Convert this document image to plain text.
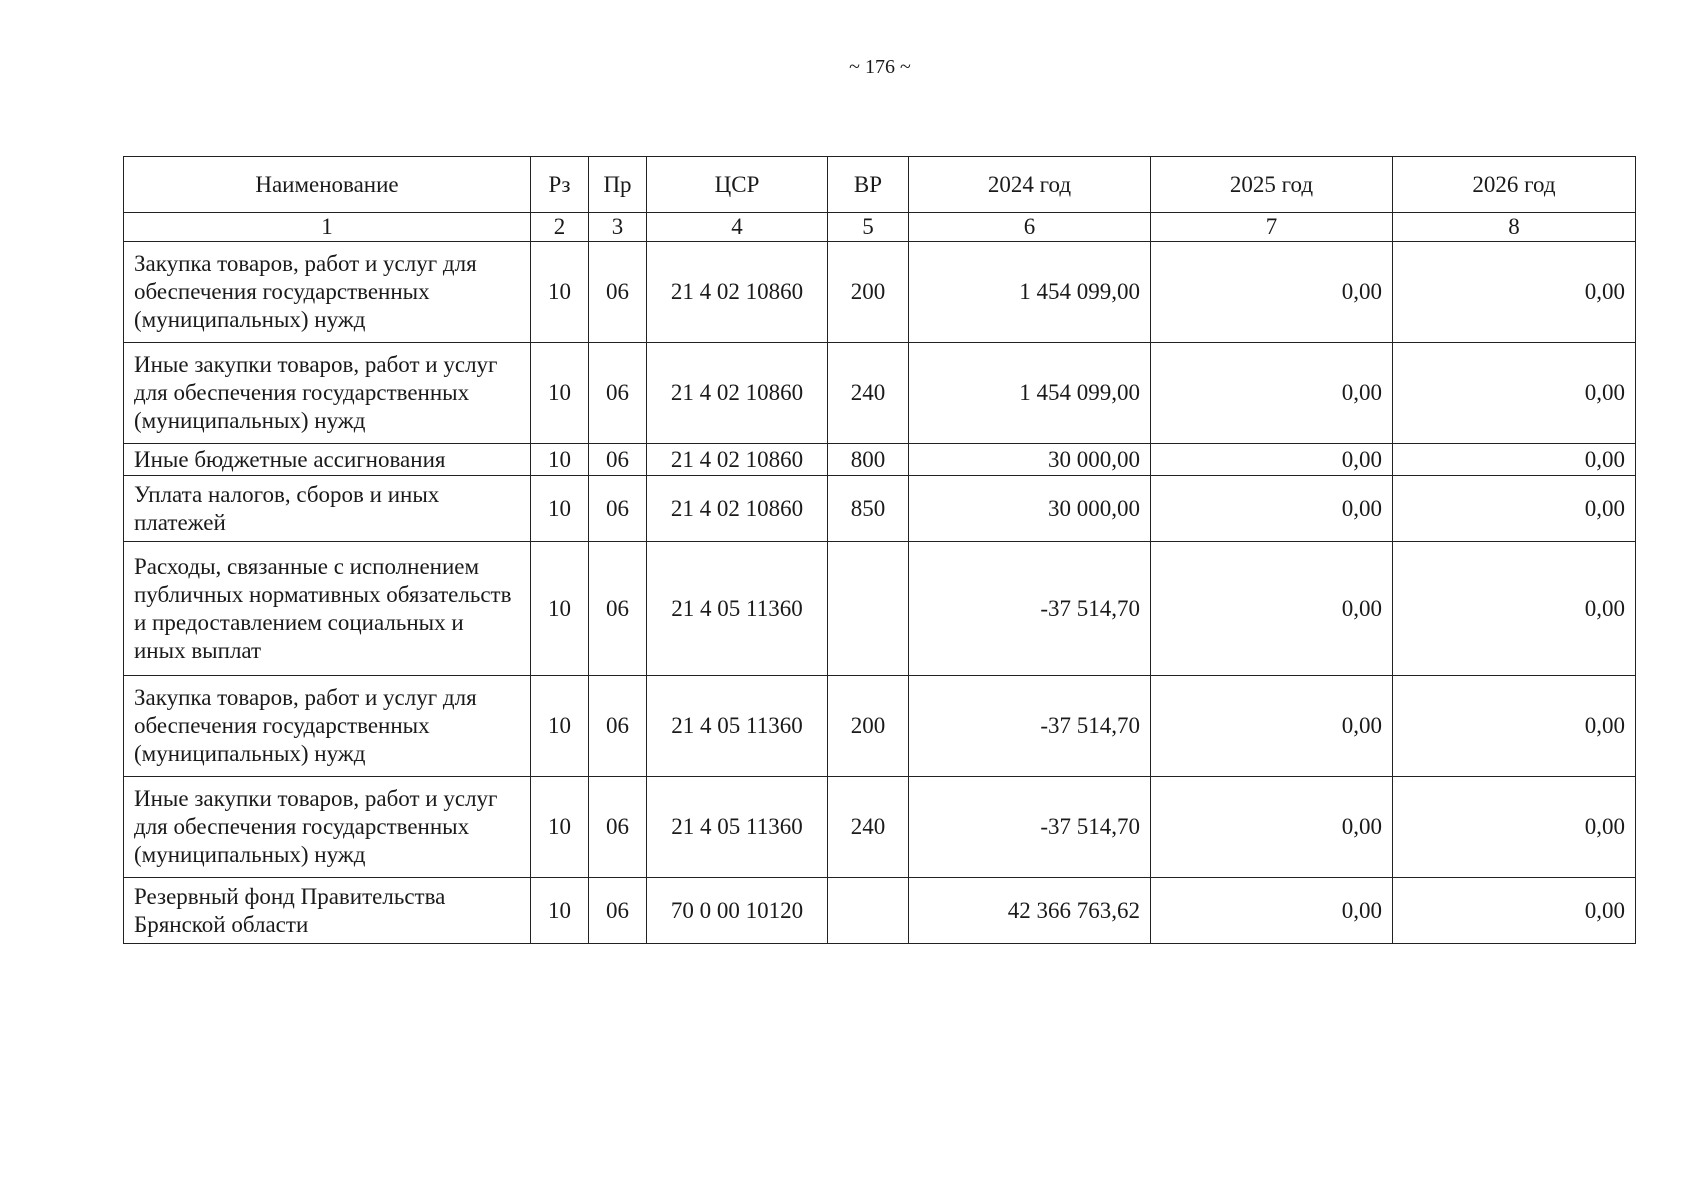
~ 176 ~
Наименование	Рз	Пр	ЦСР	ВР	2024 год	2025 год	2026 год
1	2	3	4	5	6	7	8
Закупка товаров, работ и услуг для обеспечения государственных (муниципальных) нужд	10	06	21 4 02 10860	200	1 454 099,00	0,00	0,00
Иные закупки товаров, работ и услуг для обеспечения государственных (муниципальных) нужд	10	06	21 4 02 10860	240	1 454 099,00	0,00	0,00
Иные бюджетные ассигнования	10	06	21 4 02 10860	800	30 000,00	0,00	0,00
Уплата налогов, сборов и иных платежей	10	06	21 4 02 10860	850	30 000,00	0,00	0,00
Расходы, связанные с исполнением публичных нормативных обязательств и предоставлением социальных и иных выплат	10	06	21 4 05 11360		-37 514,70	0,00	0,00
Закупка товаров, работ и услуг для обеспечения государственных (муниципальных) нужд	10	06	21 4 05 11360	200	-37 514,70	0,00	0,00
Иные закупки товаров, работ и услуг для обеспечения государственных (муниципальных) нужд	10	06	21 4 05 11360	240	-37 514,70	0,00	0,00
Резервный фонд Правительства Брянской области	10	06	70 0 00 10120		42 366 763,62	0,00	0,00
